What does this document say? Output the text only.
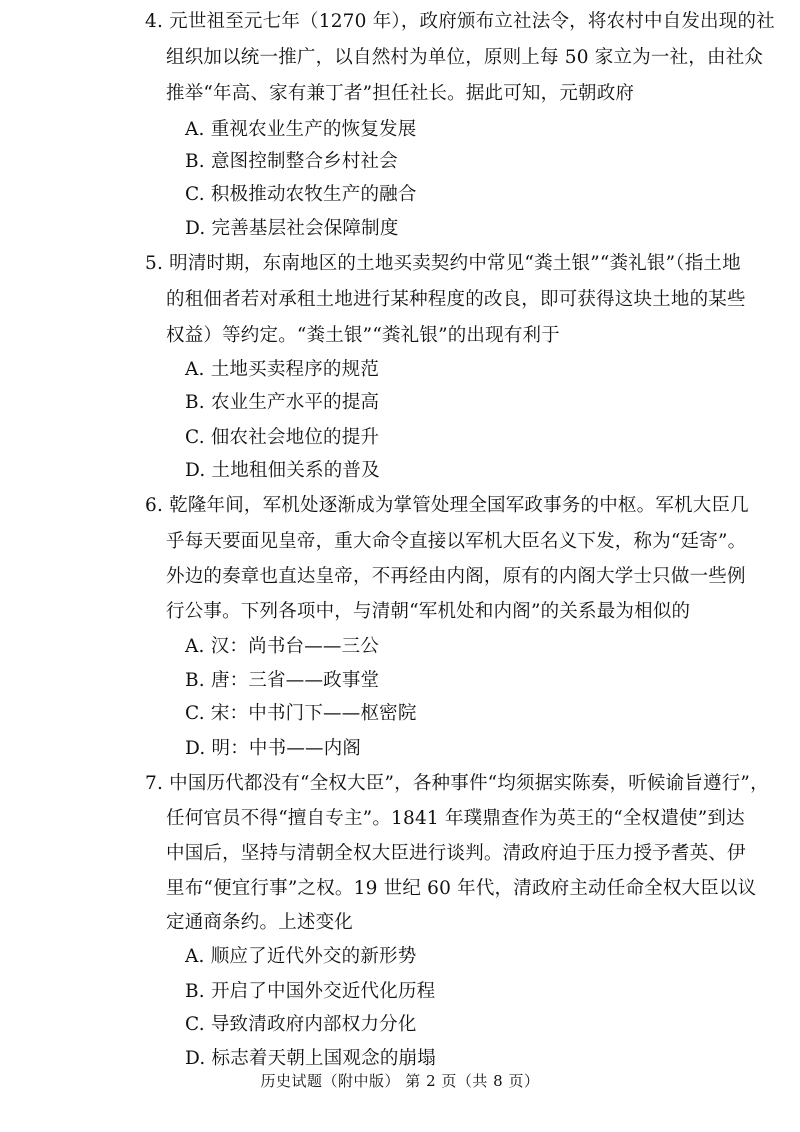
4. 元世祖至元七年（1270 年），政府颁布立社法令，将农村中自发出现的社
组织加以统一推广，以自然村为单位，原则上每 50 家立为一社，由社众
推举“年高、家有兼丁者”担任社长。据此可知，元朝政府
A. 重视农业生产的恢复发展
B. 意图控制整合乡村社会
C. 积极推动农牧生产的融合
D. 完善基层社会保障制度
5. 明清时期，东南地区的土地买卖契约中常见“粪土银”“粪礼银”（指土地
的租佃者若对承租土地进行某种程度的改良，即可获得这块土地的某些
权益）等约定。“粪土银”“粪礼银”的出现有利于
A. 土地买卖程序的规范
B. 农业生产水平的提高
C. 佃农社会地位的提升
D. 土地租佃关系的普及
6. 乾隆年间，军机处逐渐成为掌管处理全国军政事务的中枢。军机大臣几
乎每天要面见皇帝，重大命令直接以军机大臣名义下发，称为“廷寄”。
外边的奏章也直达皇帝，不再经由内阁，原有的内阁大学士只做一些例
行公事。下列各项中，与清朝“军机处和内阁”的关系最为相似的
A. 汉：尚书台——三公
B. 唐：三省——政事堂
C. 宋：中书门下——枢密院
D. 明：中书——内阁
7. 中国历代都没有“全权大臣”，各种事件“均须据实陈奏，听候谕旨遵行”，
任何官员不得“擅自专主”。1841 年璞鼎查作为英王的“全权遣使”到达
中国后，坚持与清朝全权大臣进行谈判。清政府迫于压力授予耆英、伊
里布“便宜行事”之权。19 世纪 60 年代，清政府主动任命全权大臣以议
定通商条约。上述变化
A. 顺应了近代外交的新形势
B. 开启了中国外交近代化历程
C. 导致清政府内部权力分化
D. 标志着天朝上国观念的崩塌
历史试题（附中版） 第 2 页（共 8 页）
